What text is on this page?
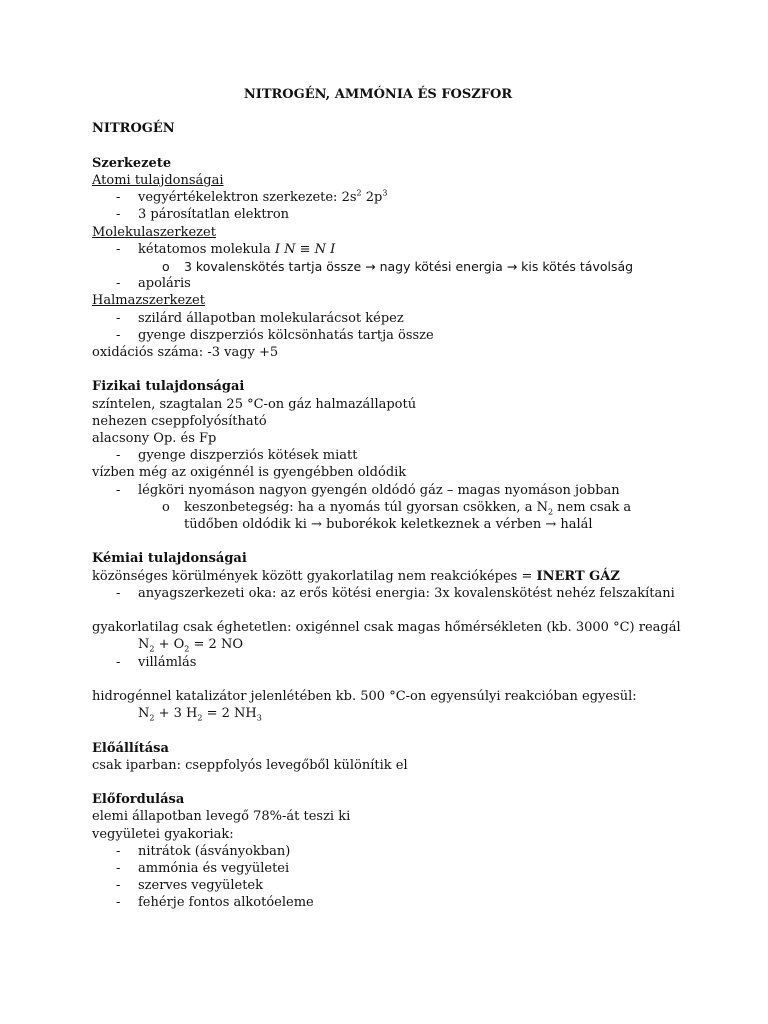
NITROGÉN, AMMÓNIA ÉS FOSZFOR
NITROGÉN
Szerkezete
Atomi tulajdonságai
- vegyértékelektron szerkezete: $2s^2$ $2p^3$
- 3 párosítatlan elektron
Molekulaszerkezet
- kétatomos molekula I N ≡ N I
o 3 kovalenskötés tartja össze → nagy kötési energia → kis kötés távolság
- apoláris
Halmazszerkezet
- szilárd állapotban molekularácsot képez
- gyenge diszperziós kölcsönhatás tartja össze
oxidációs száma: -3 vagy +5
Fizikai tulajdonságai
színtelen, szagtalan 25 °C-on gáz halmazállapotú
nehezen cseppfolyósítható
alacsony Op. és Fp
- gyenge diszperziós kötések miatt
vízben még az oxigénnél is gyengébben oldódik
- légköri nyomáson nagyon gyengén oldódó gáz – magas nyomáson jobban
o keszonbetegség: ha a nyomás túl gyorsan csökken, a $N_2$ nem csak a
tüdőben oldódik ki → buborékok keletkeznek a vérben → halál
Kémiai tulajdonságai
közönséges körülmények között gyakorlatilag nem reakcióképes = INERT GÁZ
- anyagszerkezeti oka: az erős kötési energia: 3x kovalenskötést nehéz felszakítani
gyakorlatilag csak éghetetlen: oxigénnel csak magas hőmérsékleten (kb. 3000 °C) reagál
$N_2 + O_2 = 2$ NO
- villámlás
hidrogénnel katalizátor jelenlétében kb. 500 °C-on egyensúlyi reakcióban egyesül:
$N_2 + 3$ $H_2 = 2$ $NH_3$
Előállítása
csak iparban: cseppfolyós levegőből különítik el
Előfordulása
elemi állapotban levegő 78%-át teszi ki
vegyületei gyakoriak:
- nitrátok (ásványokban)
- ammónia és vegyületei
- szerves vegyületek
- fehérje fontos alkotóeleme
